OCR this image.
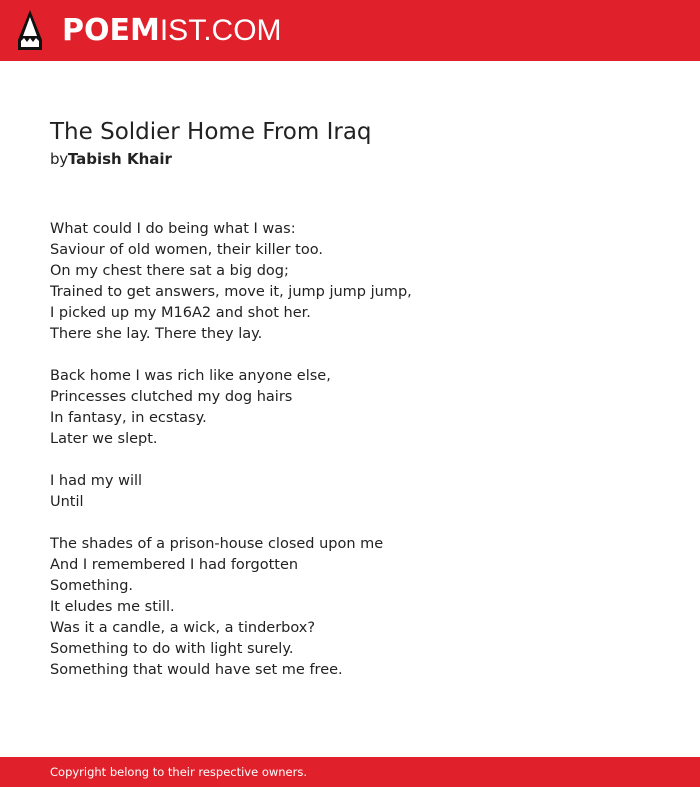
POEMIST.COM
The Soldier Home From Iraq
byTabish Khair
What could I do being what I was:
Saviour of old women, their killer too.
On my chest there sat a big dog;
Trained to get answers, move it, jump jump jump,
I picked up my M16A2 and shot her.
There she lay. There they lay.
Back home I was rich like anyone else,
Princesses clutched my dog hairs
In fantasy, in ecstasy.
Later we slept.
I had my will
Until
The shades of a prison-house closed upon me
And I remembered I had forgotten
Something.
It eludes me still.
Was it a candle, a wick, a tinderbox?
Something to do with light surely.
Something that would have set me free.
Copyright belong to their respective owners.
